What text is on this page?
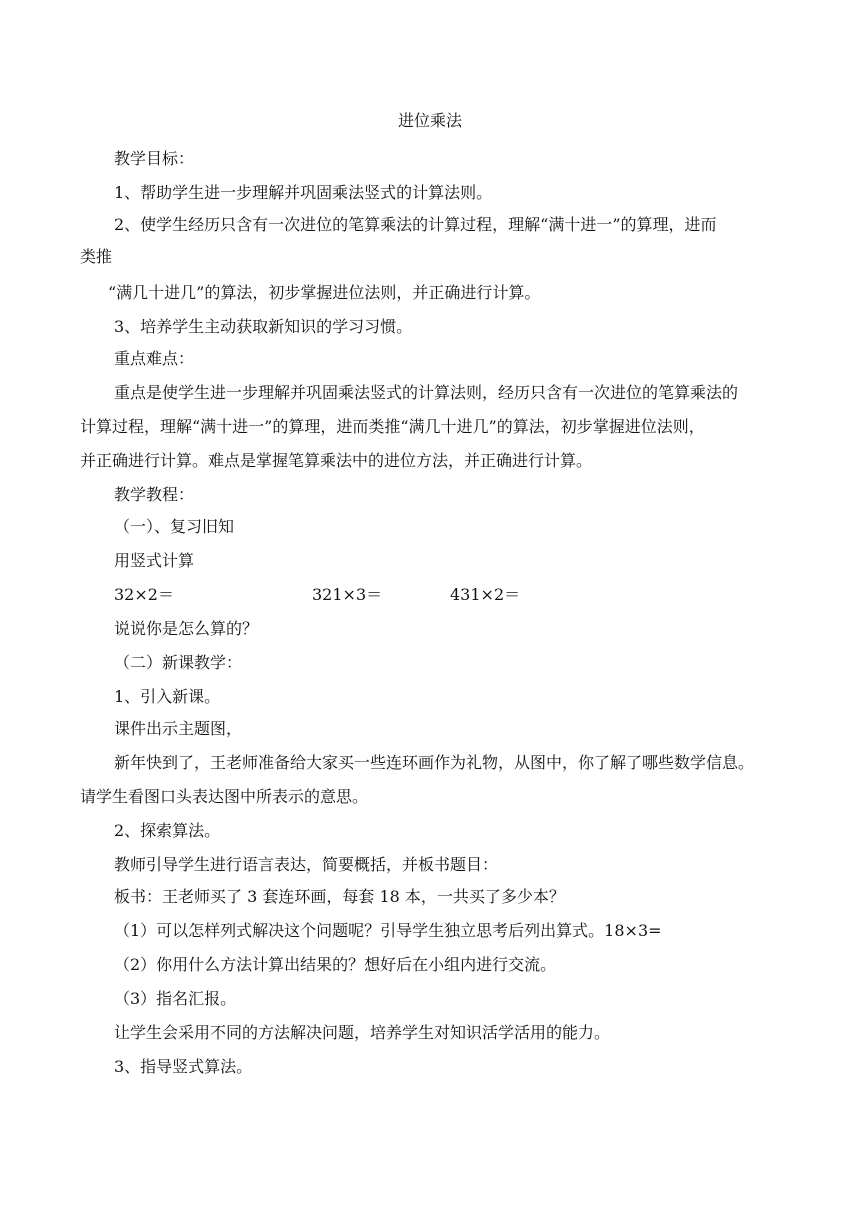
进位乘法
教学目标：
1、帮助学生进一步理解并巩固乘法竖式的计算法则。
2、使学生经历只含有一次进位的笔算乘法的计算过程，理解“满十进一”的算理，进而
类推
“满几十进几”的算法，初步掌握进位法则，并正确进行计算。
3、培养学生主动获取新知识的学习习惯。
重点难点：
重点是使学生进一步理解并巩固乘法竖式的计算法则，经历只含有一次进位的笔算乘法的
计算过程，理解“满十进一”的算理，进而类推“满几十进几”的算法，初步掌握进位法则，
并正确进行计算。难点是掌握笔算乘法中的进位方法，并正确进行计算。
教学教程：
（一）、复习旧知
用竖式计算
32×2＝	321×3＝	431×2＝
说说你是怎么算的？
（二）新课教学：
1、引入新课。
课件出示主题图，
新年快到了，王老师准备给大家买一些连环画作为礼物，从图中，你了解了哪些数学信息。
请学生看图口头表达图中所表示的意思。
2、探索算法。
教师引导学生进行语言表达，简要概括，并板书题目：
板书：王老师买了 3 套连环画，每套 18 本，一共买了多少本？
（1）可以怎样列式解决这个问题呢？引导学生独立思考后列出算式。18×3=
（2）你用什么方法计算出结果的？想好后在小组内进行交流。
（3）指名汇报。
让学生会采用不同的方法解决问题，培养学生对知识活学活用的能力。
3、指导竖式算法。
